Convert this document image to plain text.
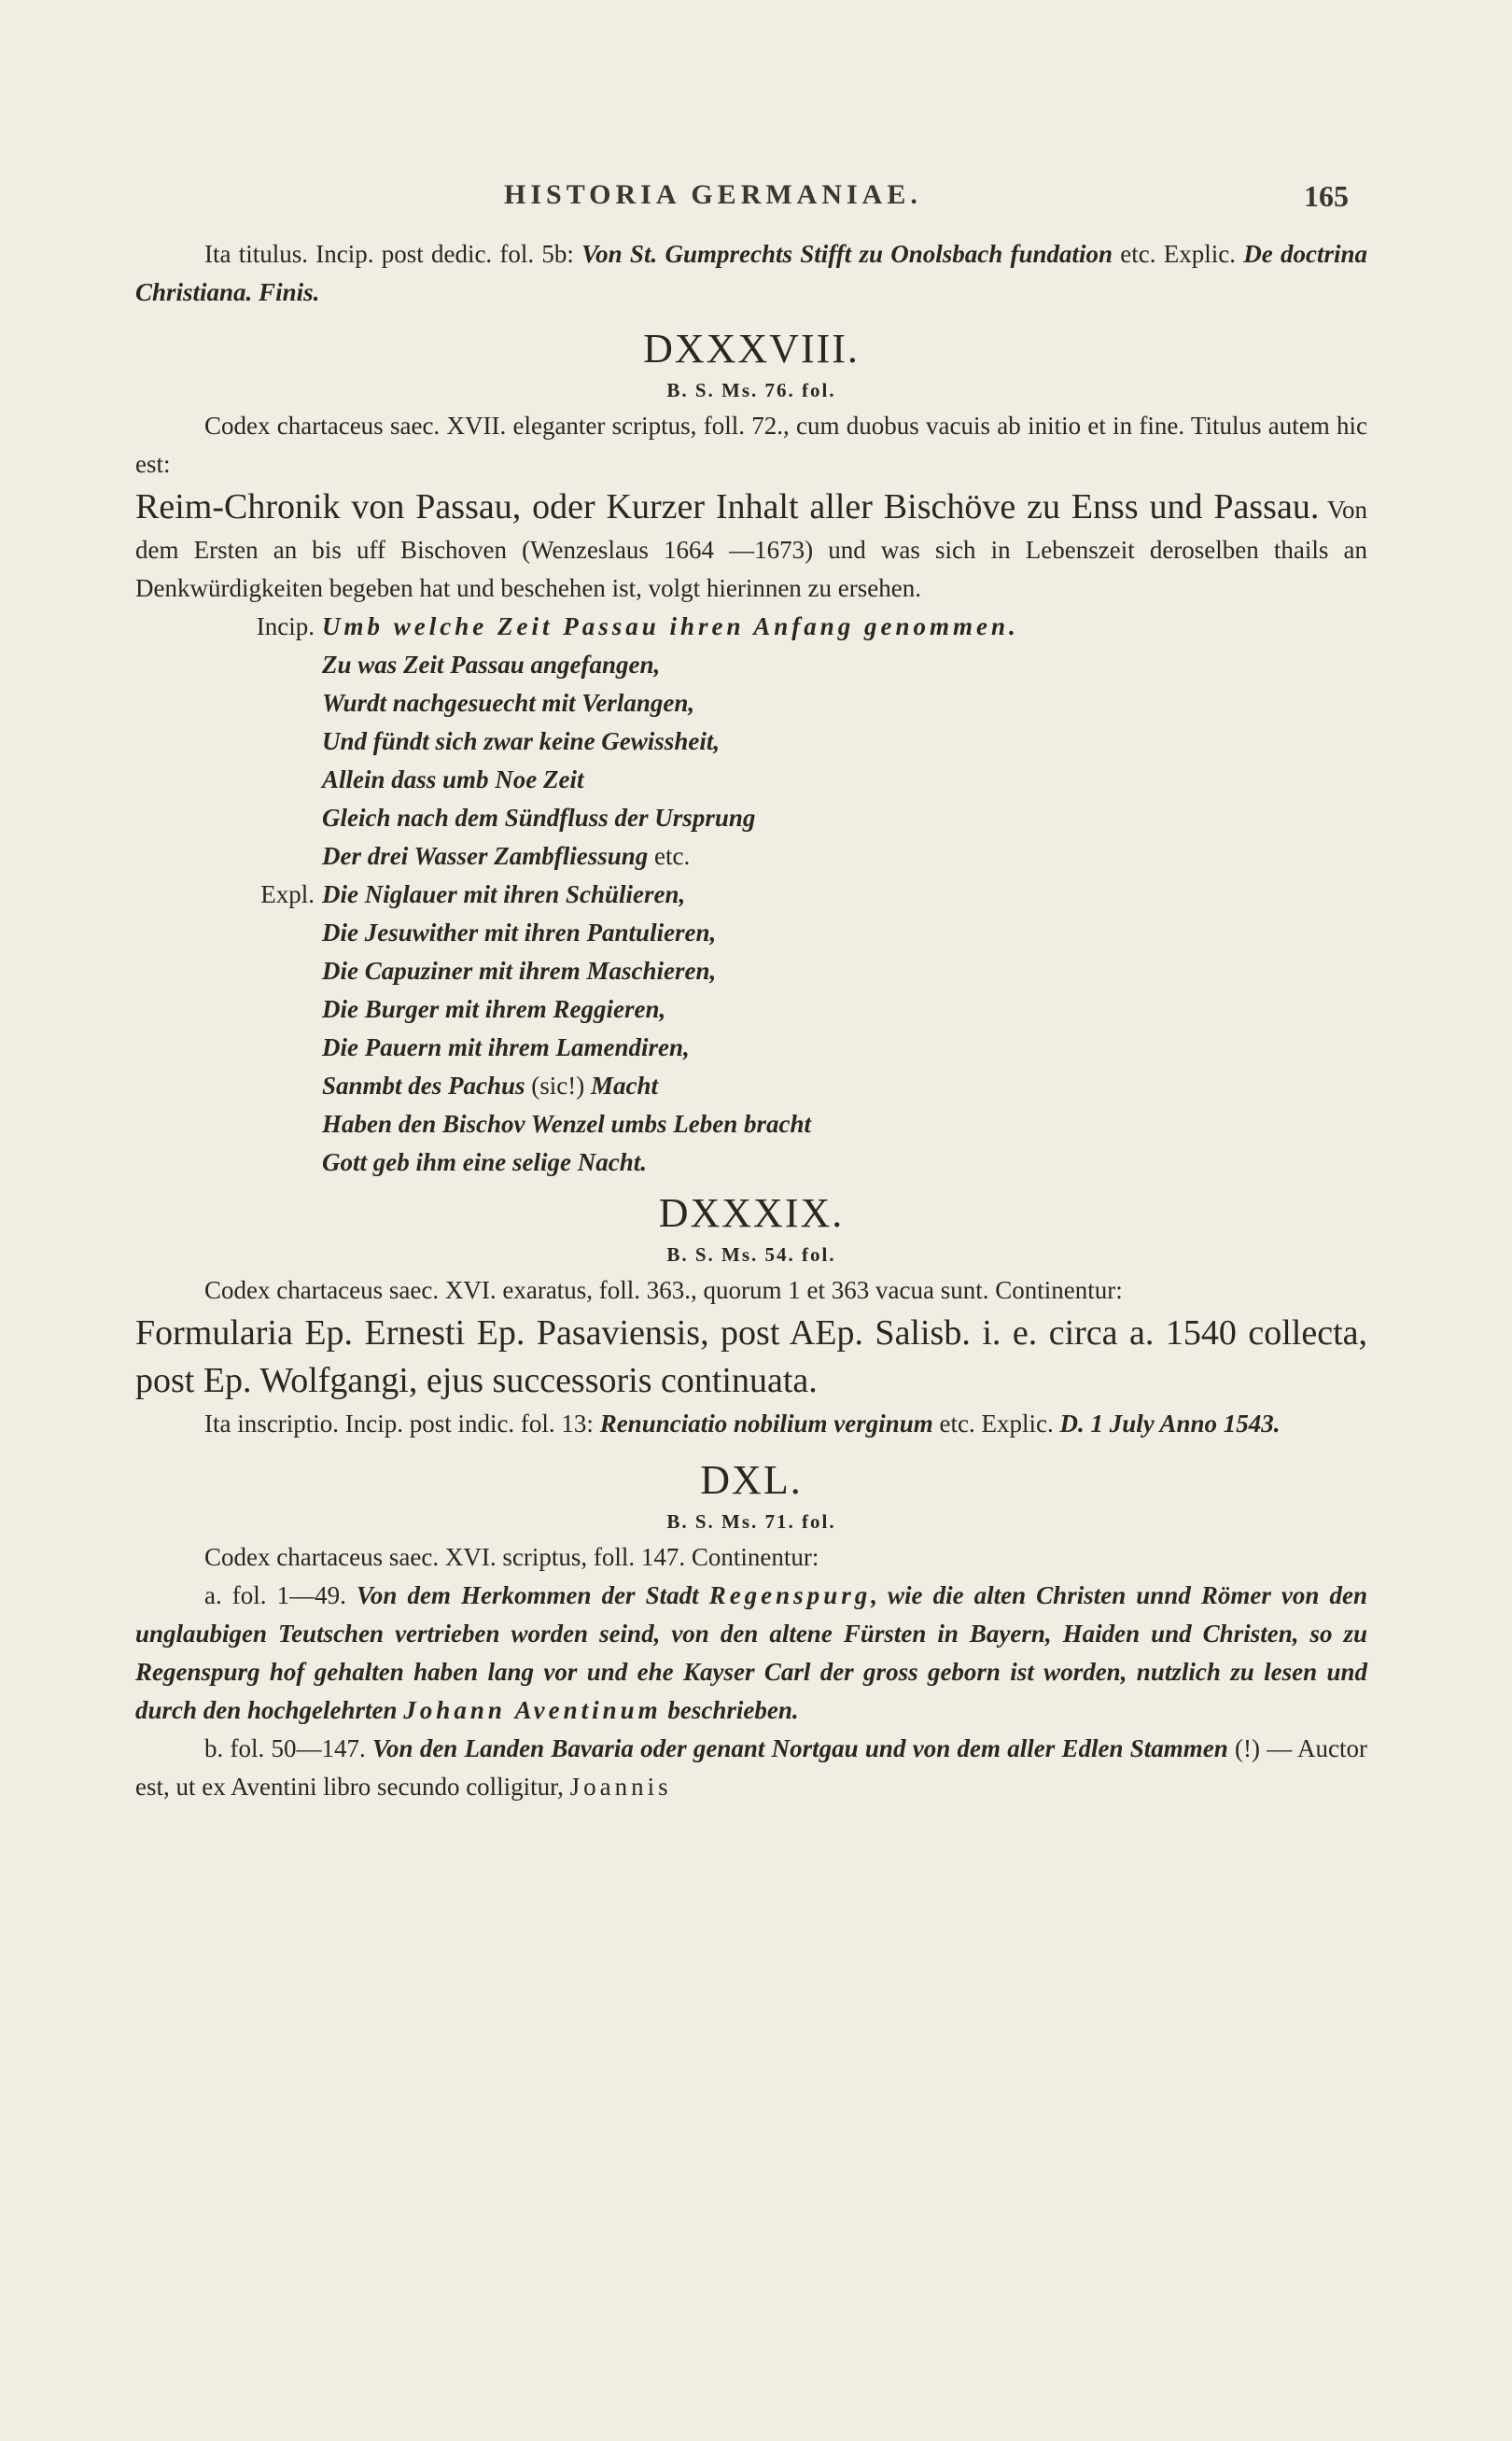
HISTORIA GERMANIAE.	165

Ita titulus. Incip. post dedic. fol. 5b: Von St. Gumprechts Stifft zu Onolsbach fundation etc. Explic. De doctrina Christiana. Finis.

DXXXVIII.

B. S. Ms. 76. fol.

Codex chartaceus saec. XVII. eleganter scriptus, foll. 72., cum duobus vacuis ab initio et in fine. Titulus autem hic est:

Reim-Chronik von Passau, oder Kurzer Inhalt aller Bischöve zu Enss und Passau. Von dem Ersten an bis uff Bischoven (Wenzeslaus 1664 —1673) und was sich in Lebenszeit deroselben thails an Denkwürdigkeiten begeben hat und beschehen ist, volgt hierinnen zu ersehen.

Incip. Umb welche Zeit Passau ihren Anfang genommen.
Zu was Zeit Passau angefangen,
Wurdt nachgesuecht mit Verlangen,
Und fündt sich zwar keine Gewissheit,
Allein dass umb Noe Zeit
Gleich nach dem Sündfluss der Ursprung
Der drei Wasser Zambfliessung etc.
Expl. Die Niglauer mit ihren Schülieren,
Die Jesuwither mit ihren Pantulieren,
Die Capuziner mit ihrem Maschieren,
Die Burger mit ihrem Reggieren,
Die Pauern mit ihrem Lamendiren,
Sanmbt des Pachus (sic!) Macht
Haben den Bischov Wenzel umbs Leben bracht
Gott geb ihm eine selige Nacht.

DXXXIX.

B. S. Ms. 54. fol.

Codex chartaceus saec. XVI. exaratus, foll. 363., quorum 1 et 363 vacua sunt. Continentur:

Formularia Ep. Ernesti Ep. Pasaviensis, post AEp. Salisb. i. e. circa a. 1540 collecta, post Ep. Wolfgangi, ejus successoris continuata.

Ita inscriptio. Incip. post indic. fol. 13: Renunciatio nobilium verginum etc. Explic. D. 1 July Anno 1543.

DXL.

B. S. Ms. 71. fol.

Codex chartaceus saec. XVI. scriptus, foll. 147. Continentur:

a. fol. 1—49. Von dem Herkommen der Stadt Regenspurg, wie die alten Christen unnd Römer von den unglaubigen Teutschen vertrieben worden seind, von den altene Fürsten in Bayern, Haiden und Christen, so zu Regenspurg hof gehalten haben lang vor und ehe Kayser Carl der gross geborn ist worden, nutzlich zu lesen und durch den hochgelehrten Johann Aventinum beschrieben.

b. fol. 50—147. Von den Landen Bavaria oder genant Nortgau und von dem aller Edlen Stammen (!) — Auctor est, ut ex Aventini libro secundo colligitur, Joannis
